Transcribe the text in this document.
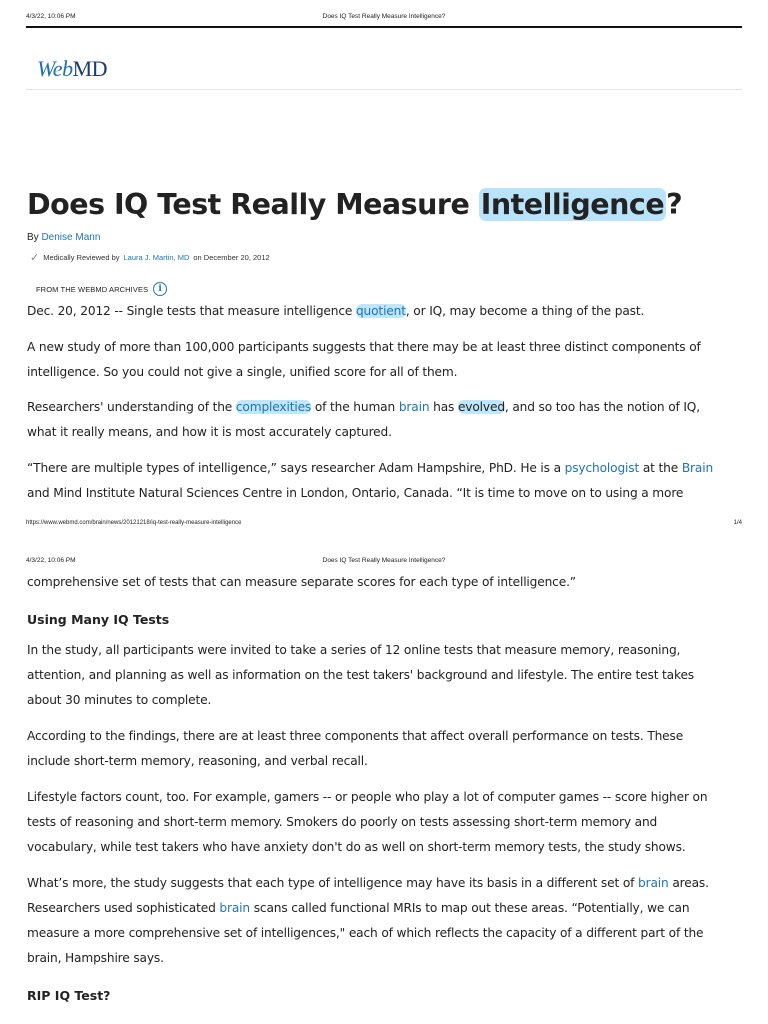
4/3/22, 10:06 PM	Does IQ Test Really Measure Intelligence?
WebMD
Does IQ Test Really Measure Intelligence?
By Denise Mann
✓ Medically Reviewed by Laura J. Martin, MD on December 20, 2012
FROM THE WEBMD ARCHIVES	i

Dec. 20, 2012 -- Single tests that measure intelligence quotient, or IQ, may become a thing of the past.

A new study of more than 100,000 participants suggests that there may be at least three distinct components of intelligence. So you could not give a single, unified score for all of them.

Researchers' understanding of the complexities of the human brain has evolved, and so too has the notion of IQ, what it really means, and how it is most accurately captured.

“There are multiple types of intelligence,” says researcher Adam Hampshire, PhD. He is a psychologist at the Brain and Mind Institute Natural Sciences Centre in London, Ontario, Canada. “It is time to move on to using a more

https://www.webmd.com/brain/news/20121218/iq-test-really-measure-intelligence	1/4
4/3/22, 10:06 PM	Does IQ Test Really Measure Intelligence?

comprehensive set of tests that can measure separate scores for each type of intelligence.”

Using Many IQ Tests

In the study, all participants were invited to take a series of 12 online tests that measure memory, reasoning, attention, and planning as well as information on the test takers' background and lifestyle. The entire test takes about 30 minutes to complete.

According to the findings, there are at least three components that affect overall performance on tests. These include short-term memory, reasoning, and verbal recall.

Lifestyle factors count, too. For example, gamers -- or people who play a lot of computer games -- score higher on tests of reasoning and short-term memory. Smokers do poorly on tests assessing short-term memory and vocabulary, while test takers who have anxiety don't do as well on short-term memory tests, the study shows.

What’s more, the study suggests that each type of intelligence may have its basis in a different set of brain areas. Researchers used sophisticated brain scans called functional MRIs to map out these areas. “Potentially, we can measure a more comprehensive set of intelligences," each of which reflects the capacity of a different part of the brain, Hampshire says.

RIP IQ Test?
